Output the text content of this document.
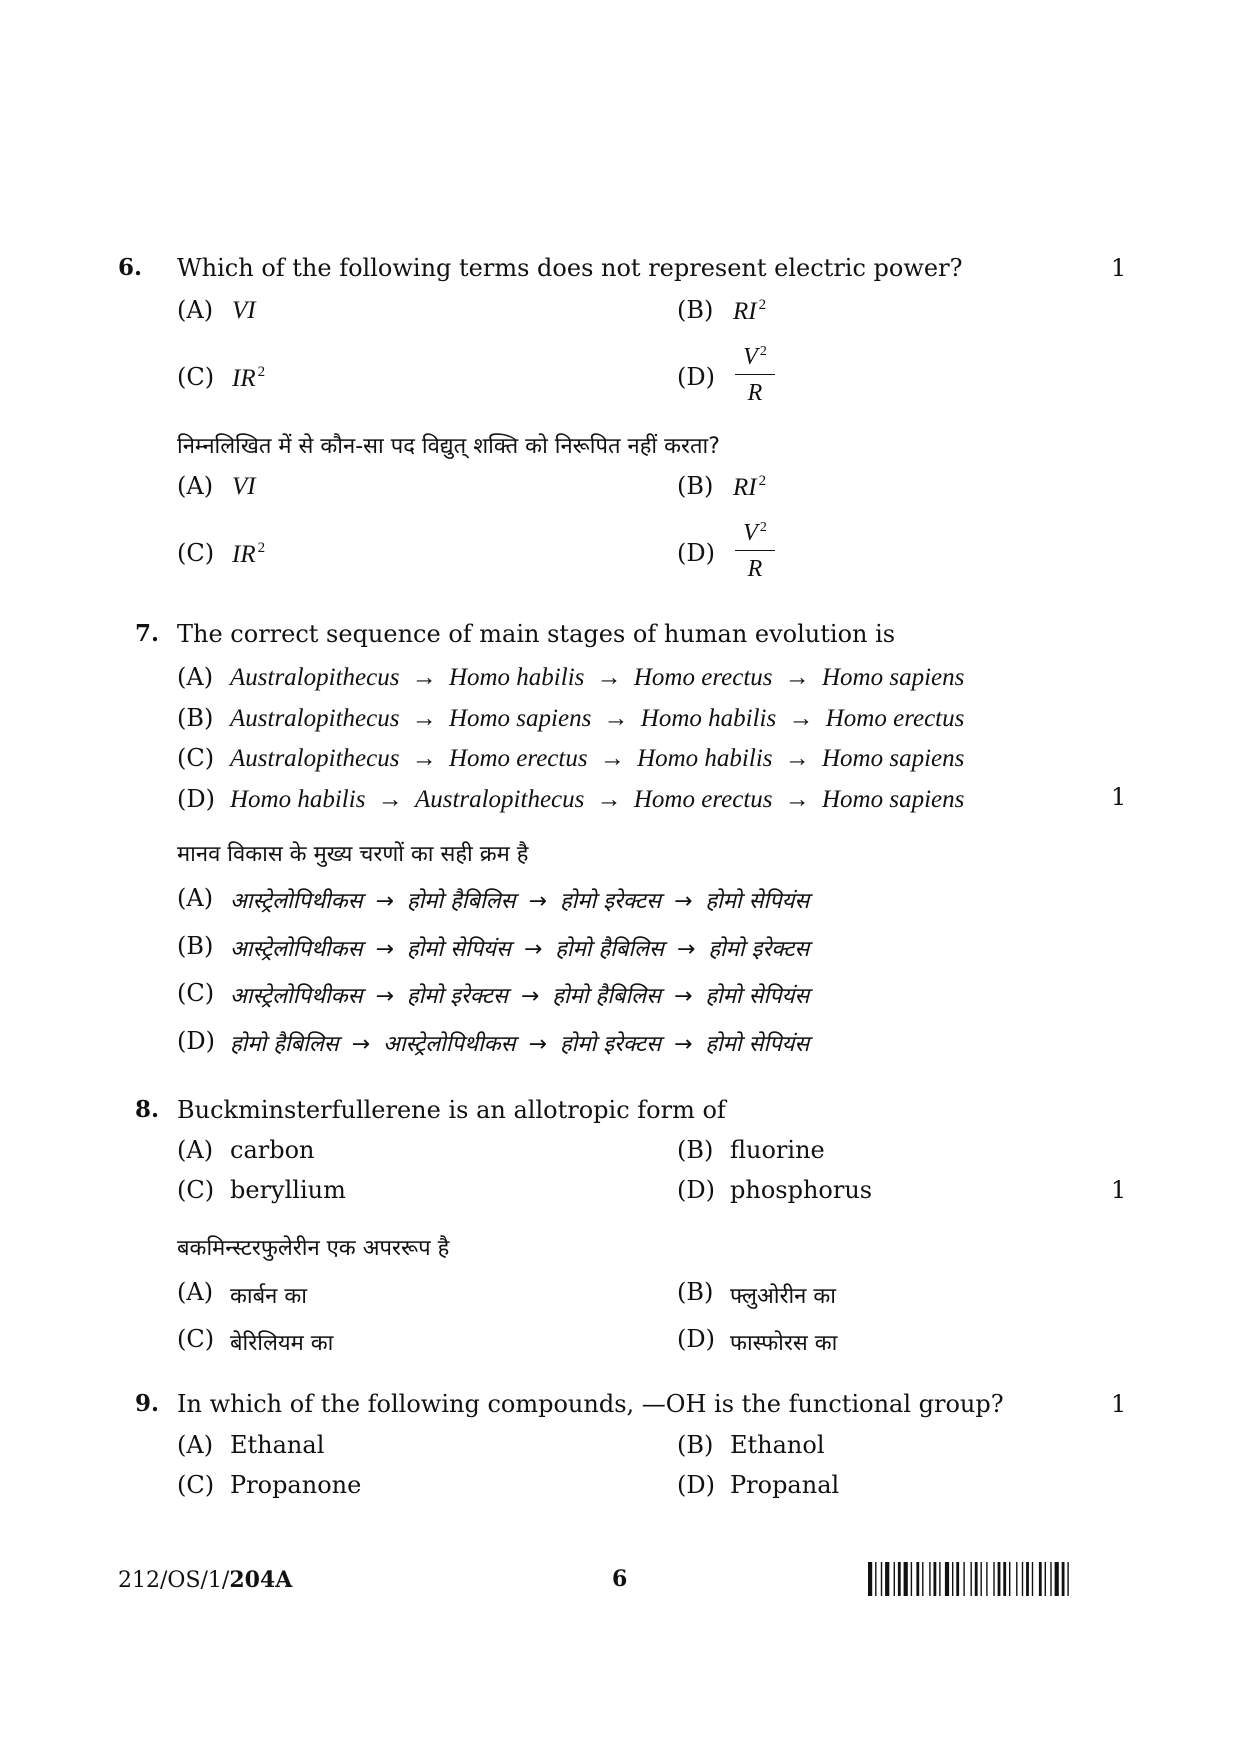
6. Which of the following terms does not represent electric power?	1
(A) VI	(B) RI $^2$
(C) IR $^2$	$(D) \frac{V ^2}{R}$
निम्नलिखित में से कौन-सा पद विद्युत् शक्ति को निरूपित नहीं करता?
(A) VI	(B) RI $^2$
(C) IR $^2$	$(D) \frac{V ^2}{R}$
7. The correct sequence of main stages of human evolution is
(A) Australopithecus → Homo habilis → Homo erectus → Homo sapiens
(B) Australopithecus → Homo sapiens → Homo habilis → Homo erectus
(C) Australopithecus → Homo erectus → Homo habilis → Homo sapiens
(D) Homo habilis → Australopithecus → Homo erectus → Homo sapiens	1
मानव विकास के मुख्य चरणों का सही क्रम है
(A) आस्ट्रेलोपिथीकस → होमो हैबिलिस → होमो इरेक्टस → होमो सेपियंस
(B) आस्ट्रेलोपिथीकस → होमो सेपियंस → होमो हैबिलिस → होमो इरेक्टस
(C) आस्ट्रेलोपिथीकस → होमो इरेक्टस → होमो हैबिलिस → होमो सेपियंस
(D) होमो हैबिलिस → आस्ट्रेलोपिथीकस → होमो इरेक्टस → होमो सेपियंस
8. Buckminsterfullerene is an allotropic form of
(A) carbon	(B) fluorine
(C) beryllium	(D) phosphorus	1
बकमिन्स्टरफुलेरीन एक अपररूप है
(A) कार्बन का	(B) फ्लुओरीन का
(C) बेरिलियम का	(D) फास्फोरस का
9. In which of the following compounds, —OH is the functional group?	1
(A) Ethanal	(B) Ethanol
(C) Propanone	(D) Propanal
212/OS/1/204A	6
